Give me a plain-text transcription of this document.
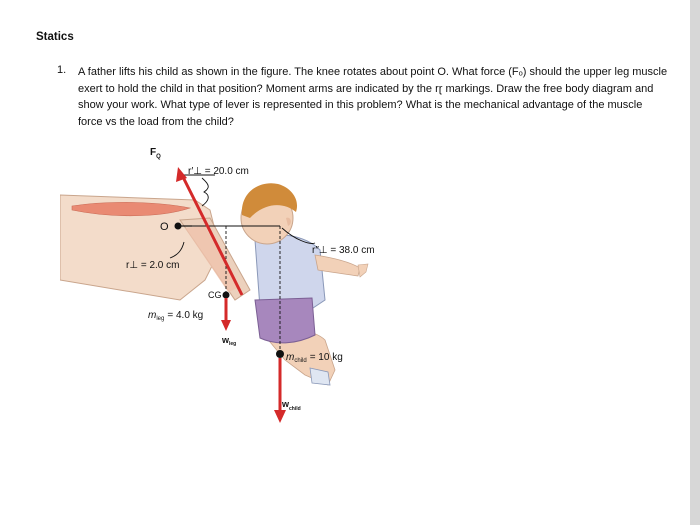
Statics
1. A father lifts his child as shown in the figure. The knee rotates about point O. What force (Fₒ) should the upper leg muscle exert to hold the child in that position? Moment arms are indicated by the rɽ markings. Draw the free body diagram and show your work. What type of lever is represented in this problem? What is the mechanical advantage of the muscle force vs the load from the child?
O
CG
$F_Q$
r′⊥ = 20.0 cm
r″⊥ = 38.0 cm
r⊥ = 2.0 cm
$m_{leg} = 4.0$ kg
$w_{leg}$
$m_{child} = 10$ kg
$w_{child}$
